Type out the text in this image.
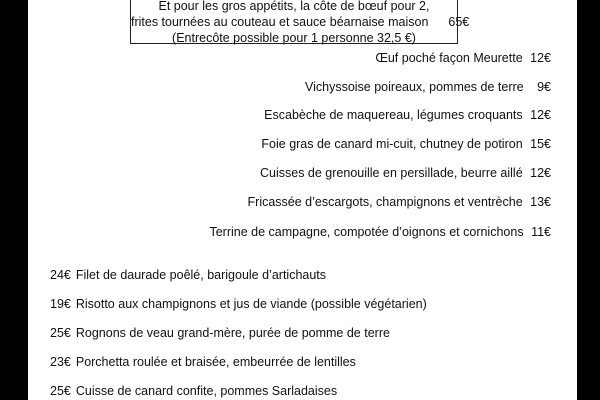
Et pour les gros appétits, la côte de bœuf pour 2,
frites tournées au couteau et sauce béarnaise maison 65€
(Entrecôte possible pour 1 personne 32,5 €)
Œuf poché façon Meurette 12€
Vichyssoise poireaux, pommes de terre 9€
Escabèche de maquereau, légumes croquants 12€
Foie gras de canard mi-cuit, chutney de potiron 15€
Cuisses de grenouille en persillade, beurre aillé 12€
Fricassée d’escargots, champignons et ventrèche 13€
Terrine de campagne, compotée d’oignons et cornichons 11€
24€ Filet de daurade poêlé, barigoule d’artichauts
19€ Risotto aux champignons et jus de viande (possible végétarien)
25€ Rognons de veau grand-mère, purée de pomme de terre
23€ Porchetta roulée et braisée, embeurrée de lentilles
25€ Cuisse de canard confite, pommes Sarladaises
